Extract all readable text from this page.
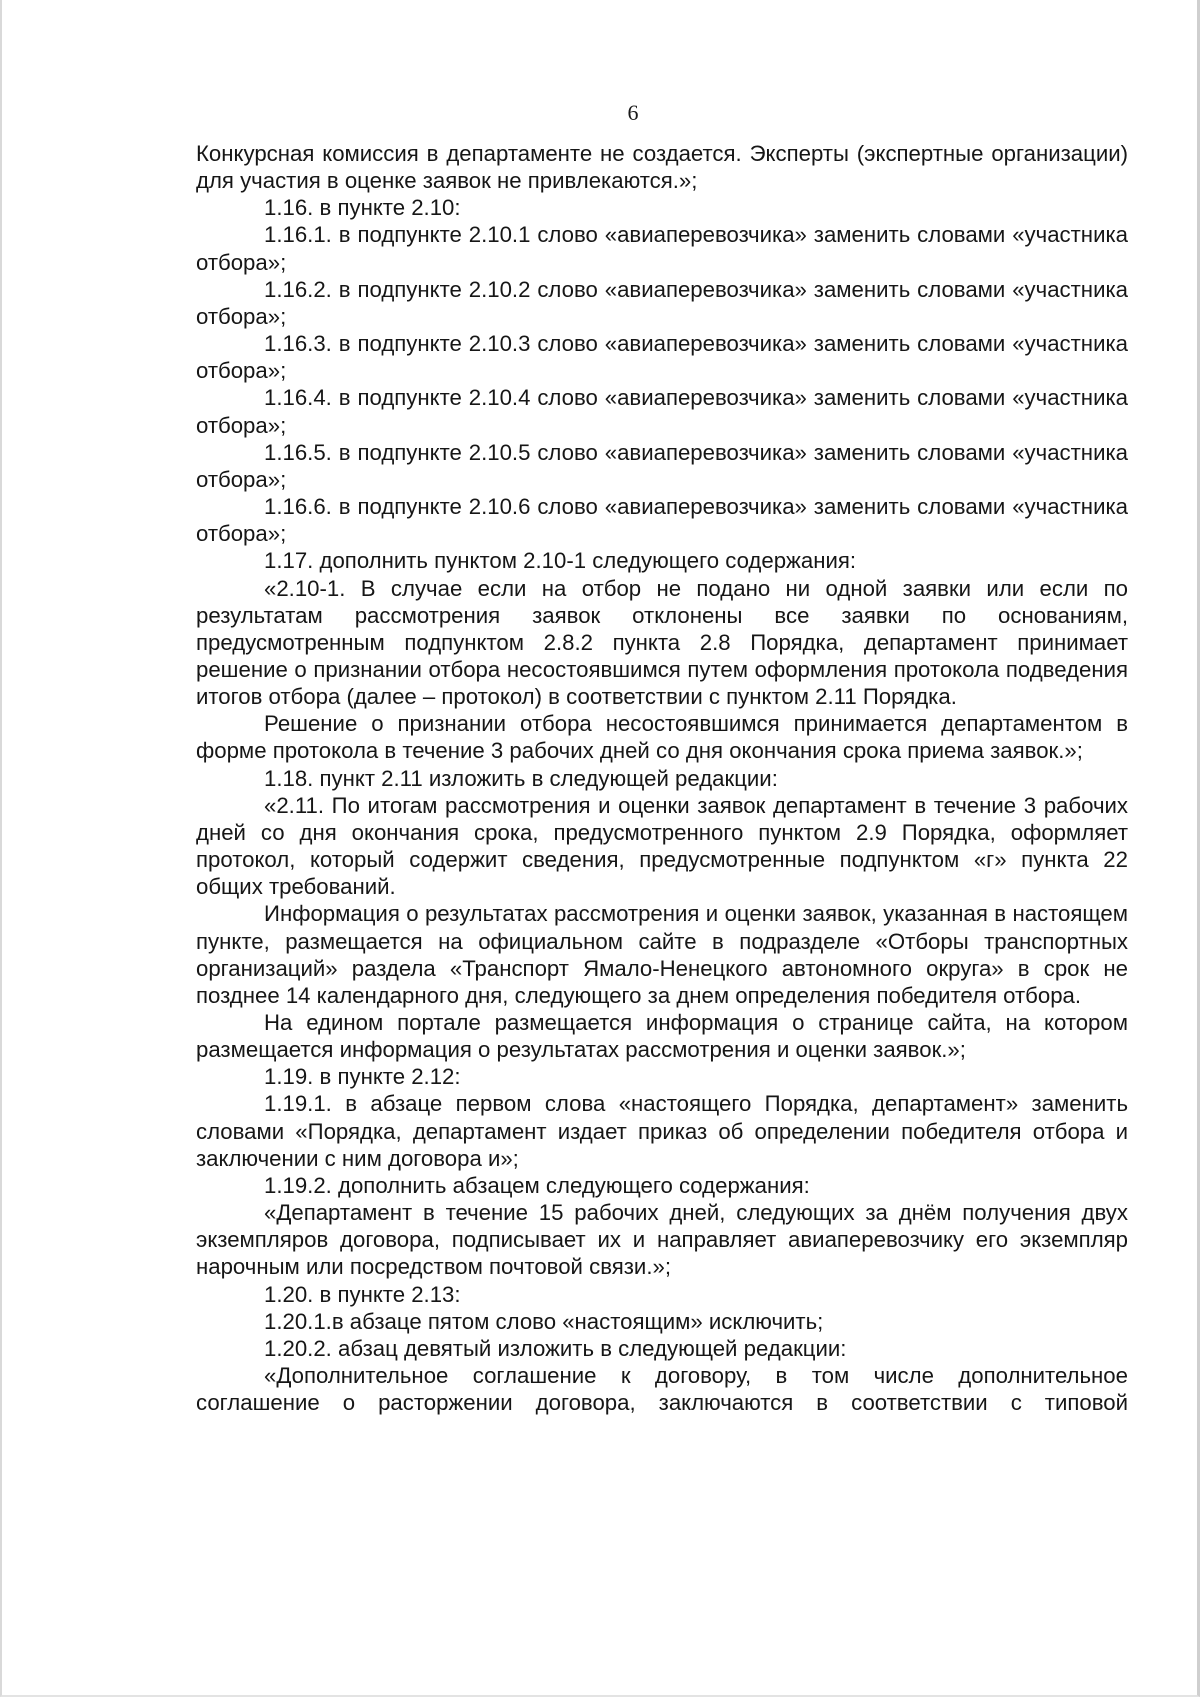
6

Конкурсная комиссия в департаменте не создается. Эксперты (экспертные организации) для участия в оценке заявок не привлекаются.»;

1.16. в пункте 2.10:

1.16.1. в подпункте 2.10.1 слово «авиаперевозчика» заменить словами «участника отбора»;

1.16.2. в подпункте 2.10.2 слово «авиаперевозчика» заменить словами «участника отбора»;

1.16.3. в подпункте 2.10.3 слово «авиаперевозчика» заменить словами «участника отбора»;

1.16.4. в подпункте 2.10.4 слово «авиаперевозчика» заменить словами «участника отбора»;

1.16.5. в подпункте 2.10.5 слово «авиаперевозчика» заменить словами «участника отбора»;

1.16.6. в подпункте 2.10.6 слово «авиаперевозчика» заменить словами «участника отбора»;

1.17. дополнить пунктом 2.10-1 следующего содержания:

«2.10-1. В случае если на отбор не подано ни одной заявки или если по результатам рассмотрения заявок отклонены все заявки по основаниям, предусмотренным подпунктом 2.8.2 пункта 2.8 Порядка, департамент принимает решение о признании отбора несостоявшимся путем оформления протокола подведения итогов отбора (далее – протокол) в соответствии с пунктом 2.11 Порядка.

Решение о признании отбора несостоявшимся принимается департаментом в форме протокола в течение 3 рабочих дней со дня окончания срока приема заявок.»;

1.18. пункт 2.11 изложить в следующей редакции:

«2.11. По итогам рассмотрения и оценки заявок департамент в течение 3 рабочих дней со дня окончания срока, предусмотренного пунктом 2.9 Порядка, оформляет протокол, который содержит сведения, предусмотренные подпунктом «г» пункта 22 общих требований.

Информация о результатах рассмотрения и оценки заявок, указанная в настоящем пункте, размещается на официальном сайте в подразделе «Отборы транспортных организаций» раздела «Транспорт Ямало-Ненецкого автономного округа» в срок не позднее 14 календарного дня, следующего за днем определения победителя отбора.

На едином портале размещается информация о странице сайта, на котором размещается информация о результатах рассмотрения и оценки заявок.»;

1.19. в пункте 2.12:

1.19.1. в абзаце первом слова «настоящего Порядка, департамент» заменить словами «Порядка, департамент издает приказ об определении победителя отбора и заключении с ним договора и»;

1.19.2. дополнить абзацем следующего содержания:

«Департамент в течение 15 рабочих дней, следующих за днём получения двух экземпляров договора, подписывает их и направляет авиаперевозчику его экземпляр нарочным или посредством почтовой связи.»;

1.20. в пункте 2.13:

1.20.1.в абзаце пятом слово «настоящим» исключить;

1.20.2. абзац девятый изложить в следующей редакции:

«Дополнительное соглашение к договору, в том числе дополнительное соглашение о расторжении договора, заключаются в соответствии с типовой
